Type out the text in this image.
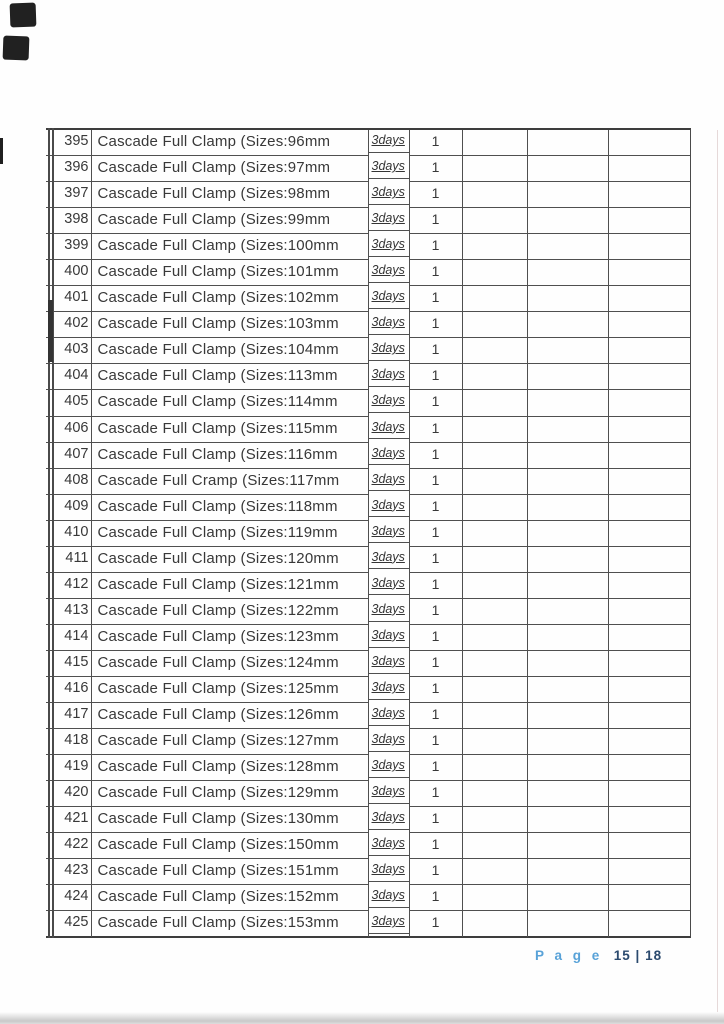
395 Cascade Full Clamp (Sizes:96mm	3days	1
396 Cascade Full Clamp (Sizes:97mm	3days	1
397 Cascade Full Clamp (Sizes:98mm	3days	1
398 Cascade Full Clamp (Sizes:99mm	3days	1
399 Cascade Full Clamp (Sizes:100mm	3days	1
400 Cascade Full Clamp (Sizes:101mm	3days	1
401 Cascade Full Clamp (Sizes:102mm	3days	1
402 Cascade Full Clamp (Sizes:103mm	3days	1
403 Cascade Full Clamp (Sizes:104mm	3days	1
404 Cascade Full Clamp (Sizes:113mm	3days	1
405 Cascade Full Clamp (Sizes:114mm	3days	1
406 Cascade Full Clamp (Sizes:115mm	3days	1
407 Cascade Full Clamp (Sizes:116mm	3days	1
408 Cascade Full Cramp (Sizes:117mm	3days	1
409 Cascade Full Clamp (Sizes:118mm	3days	1
410 Cascade Full Clamp (Sizes:119mm	3days	1
411 Cascade Full Clamp (Sizes:120mm	3days	1
412 Cascade Full Clamp (Sizes:121mm	3days	1
413 Cascade Full Clamp (Sizes:122mm	3days	1
414 Cascade Full Clamp (Sizes:123mm	3days	1
415 Cascade Full Clamp (Sizes:124mm	3days	1
416 Cascade Full Clamp (Sizes:125mm	3days	1
417 Cascade Full Clamp (Sizes:126mm	3days	1
418 Cascade Full Clamp (Sizes:127mm	3days	1
419 Cascade Full Clamp (Sizes:128mm	3days	1
420 Cascade Full Clamp (Sizes:129mm	3days	1
421 Cascade Full Clamp (Sizes:130mm	3days	1
422 Cascade Full Clamp (Sizes:150mm	3days	1
423 Cascade Full Clamp (Sizes:151mm	3days	1
424 Cascade Full Clamp (Sizes:152mm	3days	1
425 Cascade Full Clamp (Sizes:153mm	3days	1
P a g e 15 | 18
